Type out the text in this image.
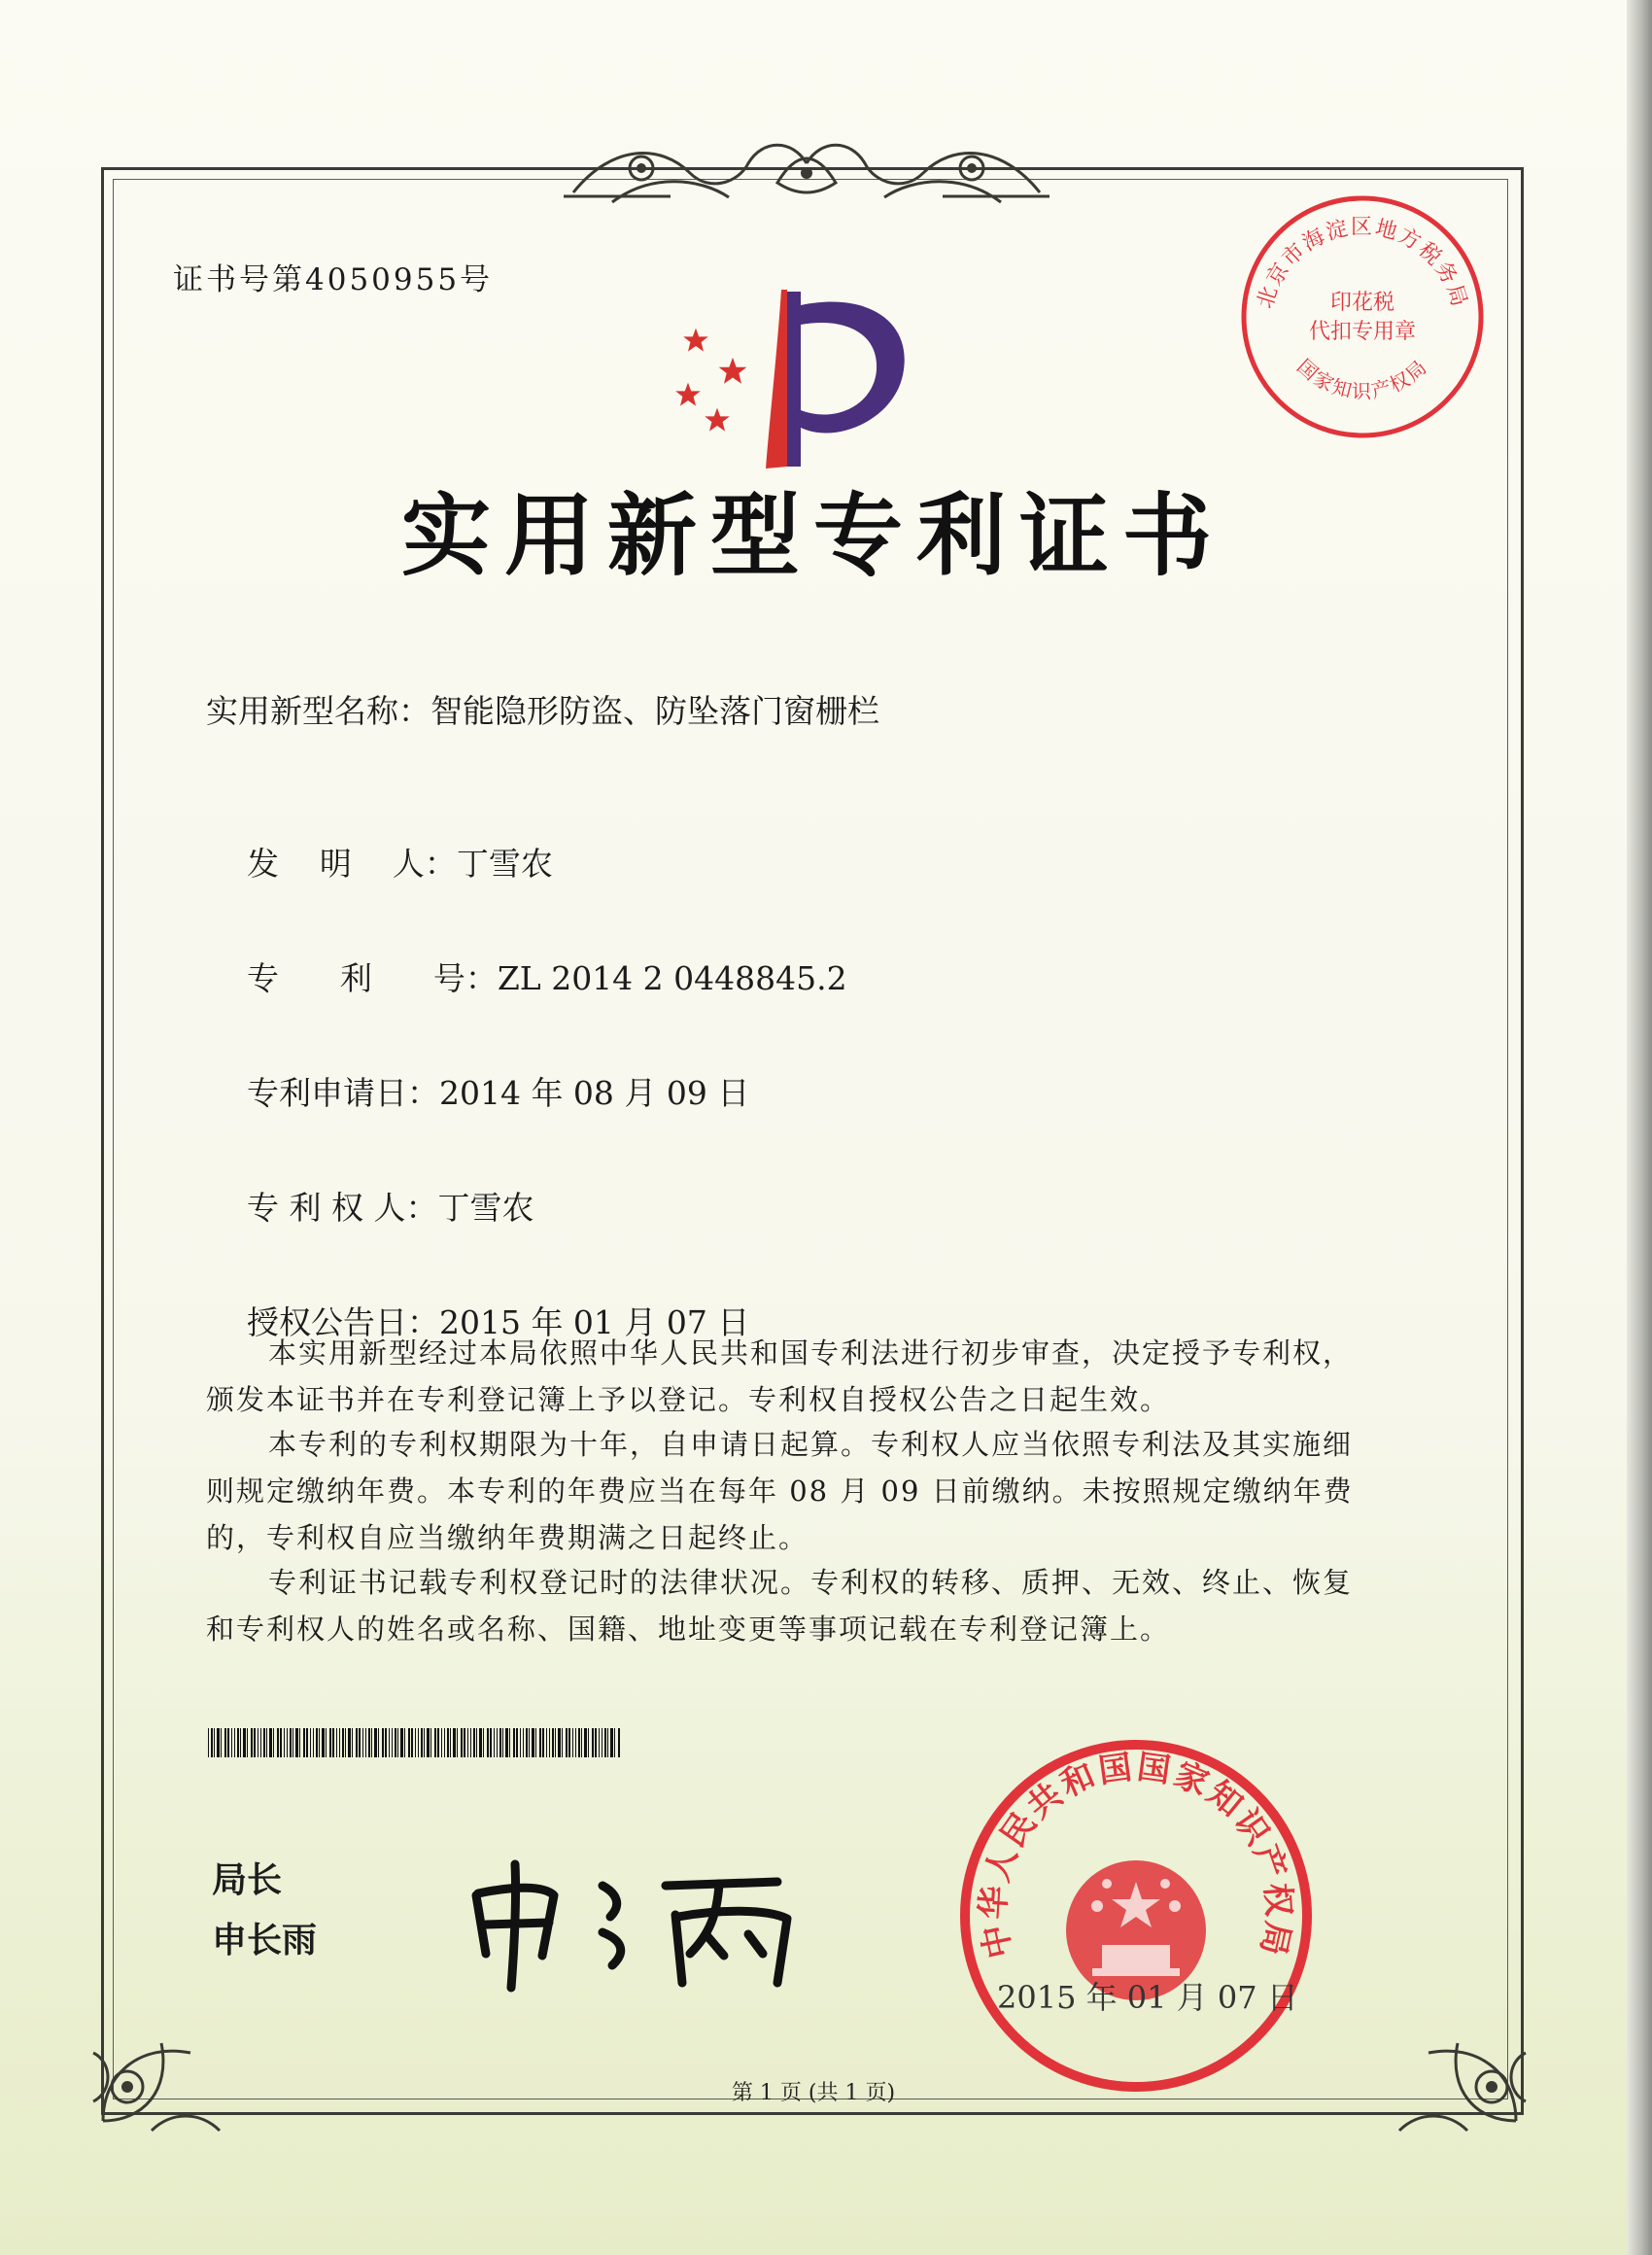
证书号第4050955号
实用新型专利证书
实用新型名称：智能隐形防盗、防坠落门窗栅栏

发    明    人：丁雪农

专      利      号：ZL 2014 2 0448845.2

专利申请日：2014 年 08 月 09 日

专 利 权 人：丁雪农

授权公告日：2015 年 01 月 07 日

本实用新型经过本局依照中华人民共和国专利法进行初步审查，决定授予专利权，颁发本证书并在专利登记簿上予以登记。专利权自授权公告之日起生效。
本专利的专利权期限为十年，自申请日起算。专利权人应当依照专利法及其实施细则规定缴纳年费。本专利的年费应当在每年 08 月 09 日前缴纳。未按照规定缴纳年费的，专利权自应当缴纳年费期满之日起终止。
专利证书记载专利权登记时的法律状况。专利权的转移、质押、无效、终止、恢复和专利权人的姓名或名称、国籍、地址变更等事项记载在专利登记簿上。
局长
申长雨	中华人民共和国国家知识产权局
2015 年 01 月 07 日
北京市海淀区地方税务局
国家知识产权局
印花税
代扣专用章
第 1 页 (共 1 页)
